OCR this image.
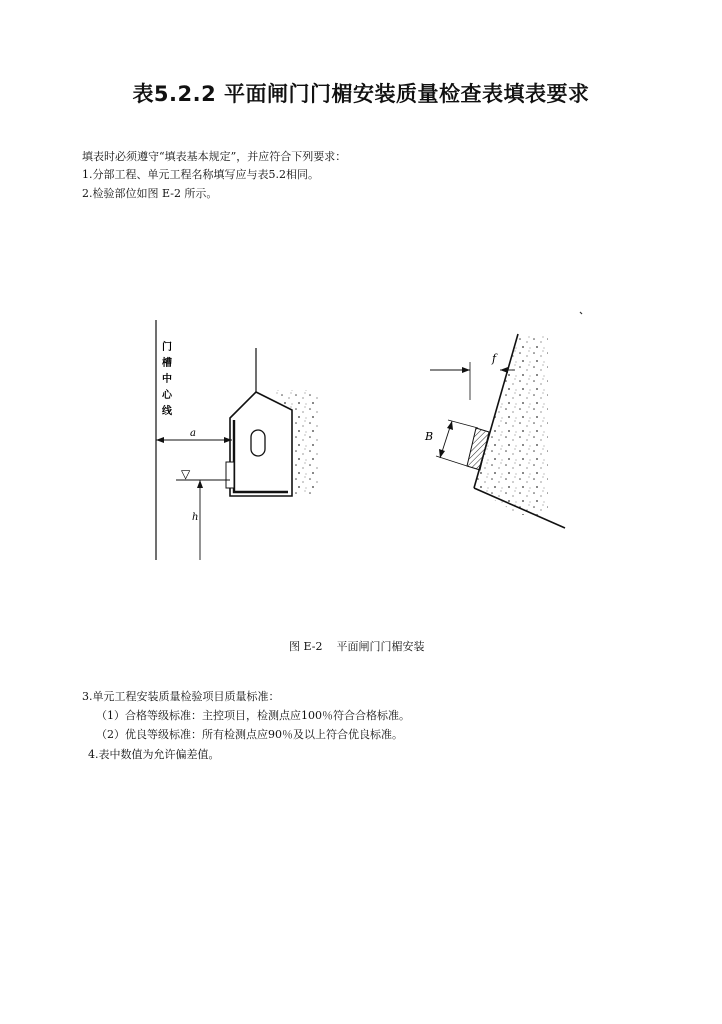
表5.2.2 平面闸门门楣安装质量检查表填表要求
填表时必须遵守“填表基本规定”，并应符合下列要求：
1.分部工程、单元工程名称填写应与表5.2相同。
2.检验部位如图 E-2 所示。
门
槽
中
心
线
a
▽
h
f
B
图 E-2 平面闸门门楣安装
3.单元工程安装质量检验项目质量标准：
（1）合格等级标准：主控项目，检测点应100％符合合格标准。
（2）优良等级标准：所有检测点应90％及以上符合优良标准。
4.表中数值为允许偏差值。
